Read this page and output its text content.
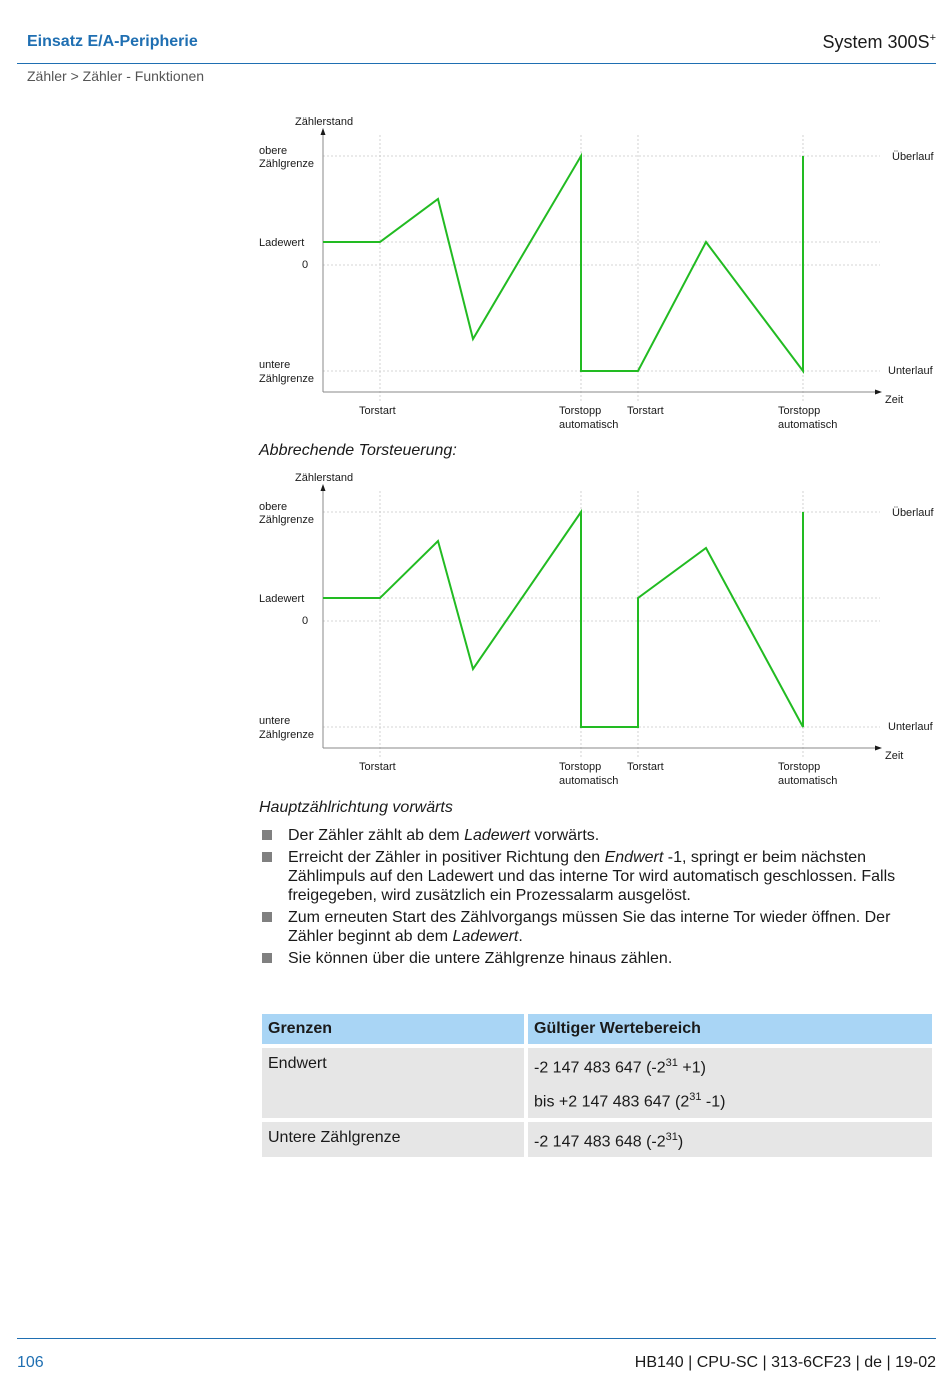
Einsatz E/A-Peripherie	System 300S+
Zähler > Zähler - Funktionen
Zählerstand
obere
Zählgrenze
Ladewert
0
untere
Zählgrenze
Überlauf
Unterlauf
Zeit
Torstart	Torstopp
automatisch
Torstart	Torstopp
automatisch
Abbrechende Torsteuerung:
Zählerstand
obere
Zählgrenze
Ladewert
0
untere
Zählgrenze
Überlauf
Unterlauf
Zeit
Torstart	Torstopp
automatisch
Torstart	Torstopp
automatisch
Hauptzählrichtung vorwärts
Der Zähler zählt ab dem Ladewert vorwärts.
Erreicht der Zähler in positiver Richtung den Endwert -1, springt er beim nächsten Zählimpuls auf den Ladewert und das interne Tor wird automatisch geschlossen. Falls freigegeben, wird zusätzlich ein Prozessalarm ausgelöst.
Zum erneuten Start des Zählvorgangs müssen Sie das interne Tor wieder öffnen. Der Zähler beginnt ab dem Ladewert.
Sie können über die untere Zählgrenze hinaus zählen.
Grenzen	Gültiger Wertebereich

Endwert	-2 147 483 647 $(-2^{31} +1)$
bis +2 147 483 647 ($2^{31}$ -1)

Untere Zählgrenze	-2 147 483 648 $(-2^{31})$
106	HB140 | CPU-SC | 313-6CF23 | de | 19-02
